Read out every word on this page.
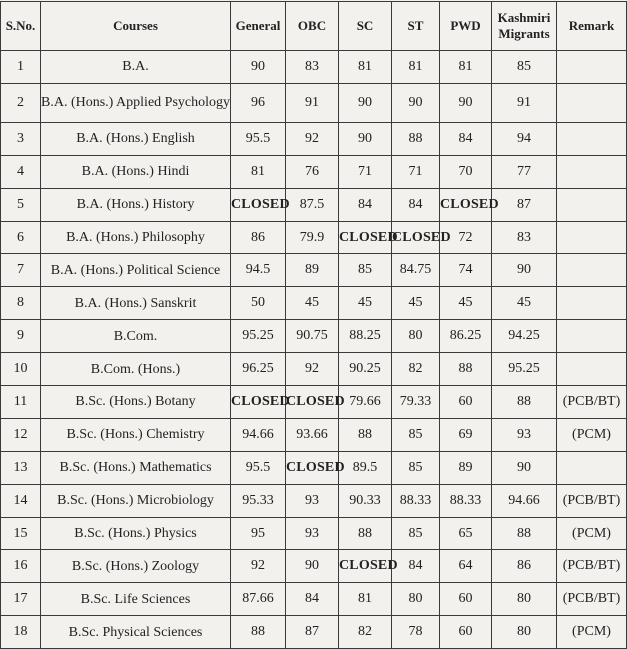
S.No.	Courses	General	OBC	SC	ST	PWD	Kashmiri Migrants	Remark
1	B.A.	90	83	81	81	81	85	
2	B.A. (Hons.) Applied Psychology	96	91	90	90	90	91	
3	B.A. (Hons.) English	95.5	92	90	88	84	94	
4	B.A. (Hons.) Hindi	81	76	71	71	70	77	
5	B.A. (Hons.) History	CLOSED	87.5	84	84	CLOSED	87	
6	B.A. (Hons.) Philosophy	86	79.9	CLOSED	CLOSED	72	83	
7	B.A. (Hons.) Political Science	94.5	89	85	84.75	74	90	
8	B.A. (Hons.) Sanskrit	50	45	45	45	45	45	
9	B.Com.	95.25	90.75	88.25	80	86.25	94.25	
10	B.Com. (Hons.)	96.25	92	90.25	82	88	95.25	
11	B.Sc. (Hons.) Botany	CLOSED	CLOSED	79.66	79.33	60	88	(PCB/BT)
12	B.Sc. (Hons.) Chemistry	94.66	93.66	88	85	69	93	(PCM)
13	B.Sc. (Hons.) Mathematics	95.5	CLOSED	89.5	85	89	90	
14	B.Sc. (Hons.) Microbiology	95.33	93	90.33	88.33	88.33	94.66	(PCB/BT)
15	B.Sc. (Hons.) Physics	95	93	88	85	65	88	(PCM)
16	B.Sc. (Hons.) Zoology	92	90	CLOSED	84	64	86	(PCB/BT)
17	B.Sc. Life Sciences	87.66	84	81	80	60	80	(PCB/BT)
18	B.Sc. Physical Sciences	88	87	82	78	60	80	(PCM)
